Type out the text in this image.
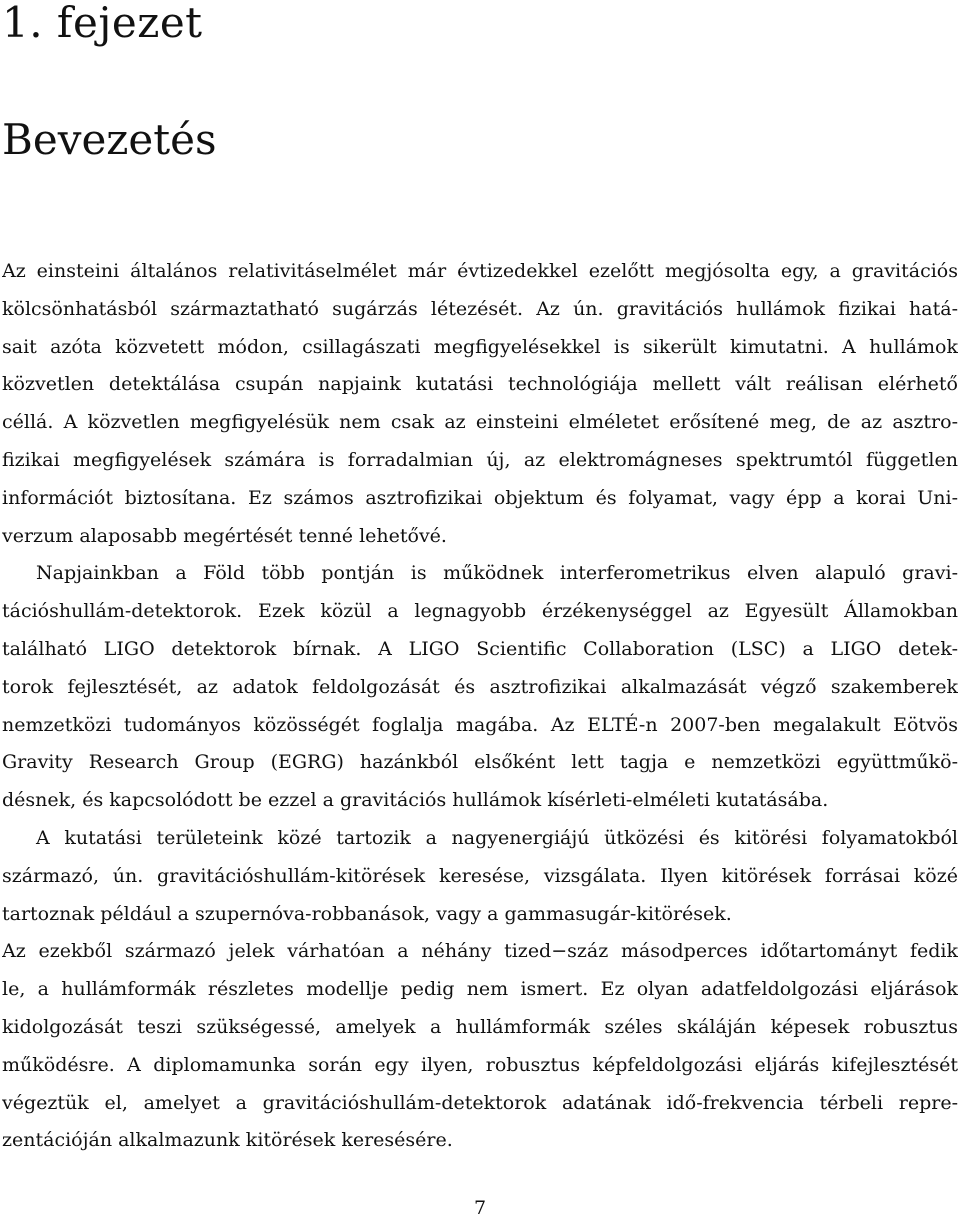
1. fejezet
Bevezetés
Az einsteini általános relativitáselmélet már évtizedekkel ezelőtt megjósolta egy, a gravitációs
kölcsönhatásból származtatható sugárzás létezését. Az ún. gravitációs hullámok fizikai hatá-
sait azóta közvetett módon, csillagászati megfigyelésekkel is sikerült kimutatni. A hullámok
közvetlen detektálása csupán napjaink kutatási technológiája mellett vált reálisan elérhető
céllá. A közvetlen megfigyelésük nem csak az einsteini elméletet erősítené meg, de az asztro-
fizikai megfigyelések számára is forradalmian új, az elektromágneses spektrumtól független
információt biztosítana. Ez számos asztrofizikai objektum és folyamat, vagy épp a korai Uni-
verzum alaposabb megértését tenné lehetővé.
Napjainkban a Föld több pontján is működnek interferometrikus elven alapuló gravi-
tációshullám-detektorok. Ezek közül a legnagyobb érzékenységgel az Egyesült Államokban
található LIGO detektorok bírnak. A LIGO Scientific Collaboration (LSC) a LIGO detek-
torok fejlesztését, az adatok feldolgozását és asztrofizikai alkalmazását végző szakemberek
nemzetközi tudományos közösségét foglalja magába. Az ELTÉ-n 2007-ben megalakult Eötvös
Gravity Research Group (EGRG) hazánkból elsőként lett tagja e nemzetközi együttműkö-
désnek, és kapcsolódott be ezzel a gravitációs hullámok kísérleti-elméleti kutatásába.
A kutatási területeink közé tartozik a nagyenergiájú ütközési és kitörési folyamatokból
származó, ún. gravitációshullám-kitörések keresése, vizsgálata. Ilyen kitörések forrásai közé
tartoznak például a szupernóva-robbanások, vagy a gammasugár-kitörések.
Az ezekből származó jelek várhatóan a néhány tized−száz másodperces időtartományt fedik
le, a hullámformák részletes modellje pedig nem ismert. Ez olyan adatfeldolgozási eljárások
kidolgozását teszi szükségessé, amelyek a hullámformák széles skáláján képesek robusztus
működésre. A diplomamunka során egy ilyen, robusztus képfeldolgozási eljárás kifejlesztését
végeztük el, amelyet a gravitációshullám-detektorok adatának idő-frekvencia térbeli repre-
zentációján alkalmazunk kitörések keresésére.
7
